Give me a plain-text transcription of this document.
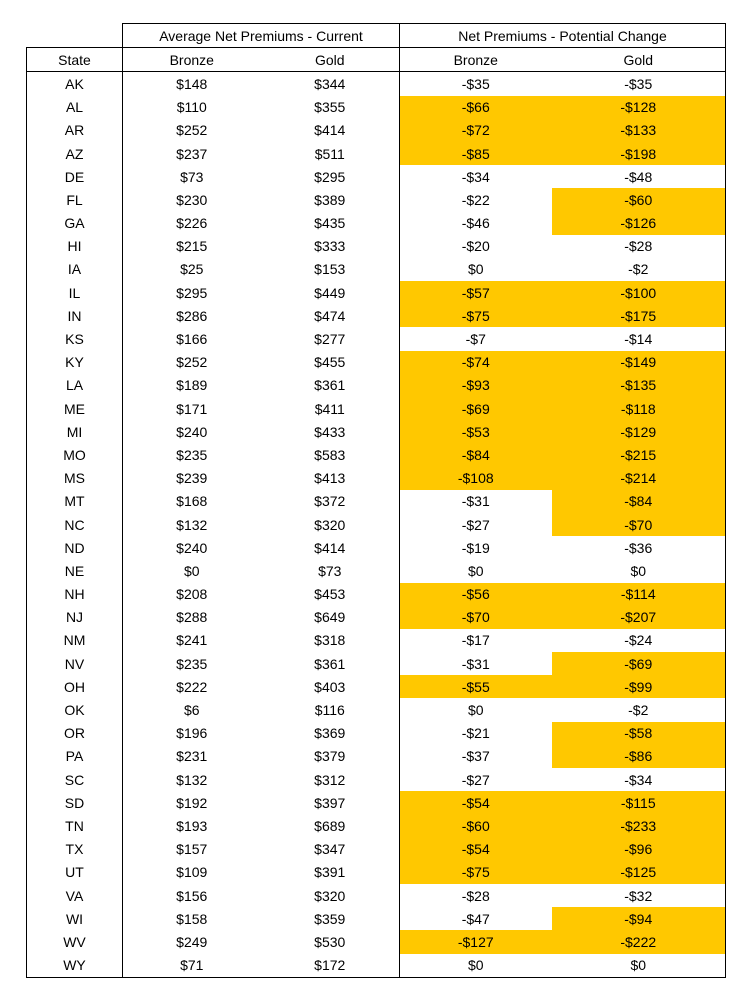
	Average Net Premiums - Current		Net Premiums - Potential Change	
State	Bronze	Gold	Bronze	Gold
AK	$148	$344	-$35	-$35
AL	$110	$355	-$66	-$128
AR	$252	$414	-$72	-$133
AZ	$237	$511	-$85	-$198
DE	$73	$295	-$34	-$48
FL	$230	$389	-$22	-$60
GA	$226	$435	-$46	-$126
HI	$215	$333	-$20	-$28
IA	$25	$153	$0	-$2
IL	$295	$449	-$57	-$100
IN	$286	$474	-$75	-$175
KS	$166	$277	-$7	-$14
KY	$252	$455	-$74	-$149
LA	$189	$361	-$93	-$135
ME	$171	$411	-$69	-$118
MI	$240	$433	-$53	-$129
MO	$235	$583	-$84	-$215
MS	$239	$413	-$108	-$214
MT	$168	$372	-$31	-$84
NC	$132	$320	-$27	-$70
ND	$240	$414	-$19	-$36
NE	$0	$73	$0	$0
NH	$208	$453	-$56	-$114
NJ	$288	$649	-$70	-$207
NM	$241	$318	-$17	-$24
NV	$235	$361	-$31	-$69
OH	$222	$403	-$55	-$99
OK	$6	$116	$0	-$2
OR	$196	$369	-$21	-$58
PA	$231	$379	-$37	-$86
SC	$132	$312	-$27	-$34
SD	$192	$397	-$54	-$115
TN	$193	$689	-$60	-$233
TX	$157	$347	-$54	-$96
UT	$109	$391	-$75	-$125
VA	$156	$320	-$28	-$32
WI	$158	$359	-$47	-$94
WV	$249	$530	-$127	-$222
WY	$71	$172	$0	$0
